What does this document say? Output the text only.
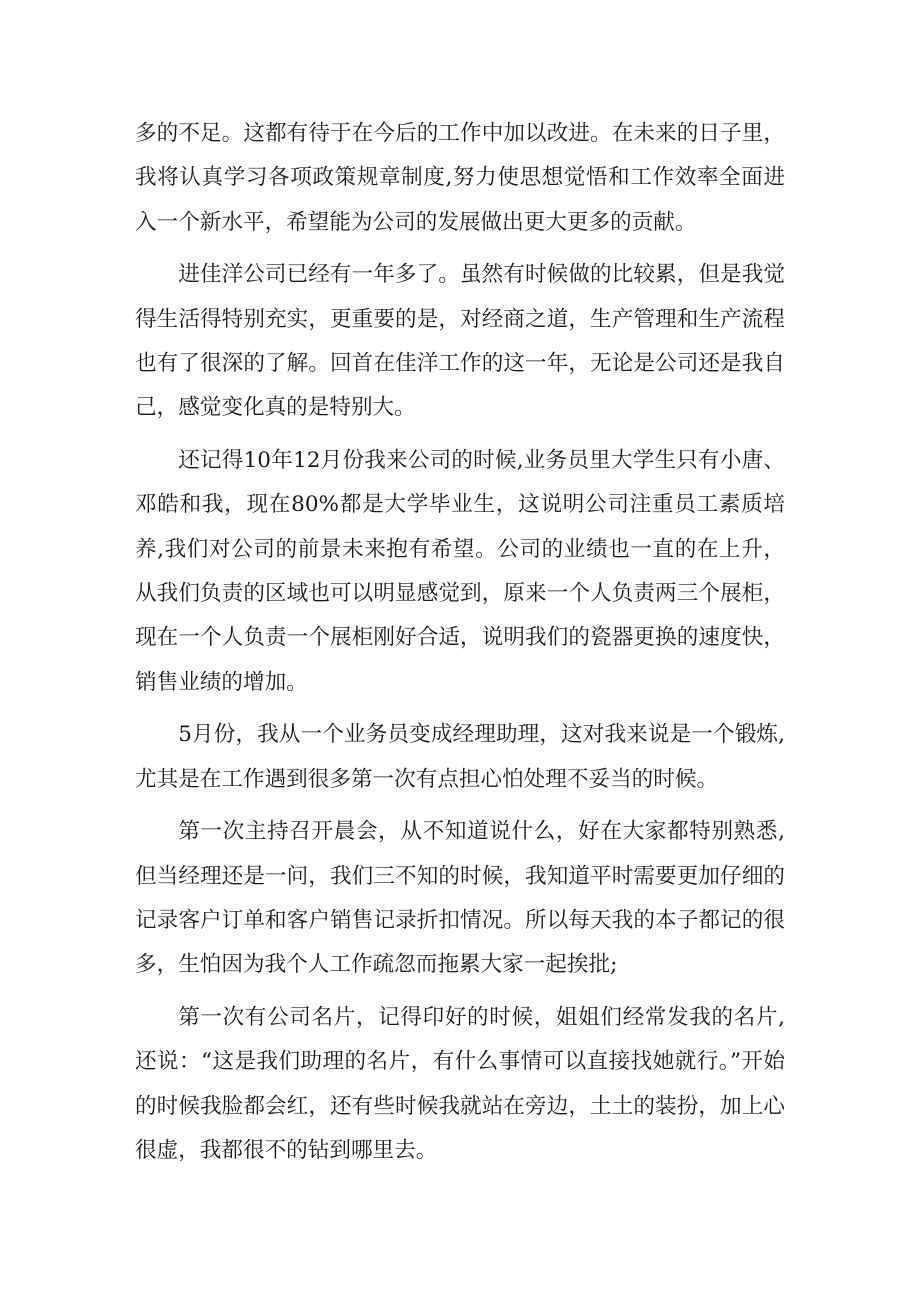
多的不足。这都有待于在今后的工作中加以改进。在未来的日子里，我将认真学习各项政策规章制度,努力使思想觉悟和工作效率全面进入一个新水平，希望能为公司的发展做出更大更多的贡献。

进佳洋公司已经有一年多了。虽然有时候做的比较累，但是我觉得生活得特别充实，更重要的是，对经商之道，生产管理和生产流程也有了很深的了解。回首在佳洋工作的这一年，无论是公司还是我自己，感觉变化真的是特别大。

还记得10年12月份我来公司的时候,业务员里大学生只有小唐、邓皓和我，现在80%都是大学毕业生，这说明公司注重员工素质培养,我们对公司的前景未来抱有希望。公司的业绩也一直的在上升，从我们负责的区域也可以明显感觉到，原来一个人负责两三个展柜，现在一个人负责一个展柜刚好合适，说明我们的瓷器更换的速度快，销售业绩的增加。

5月份，我从一个业务员变成经理助理，这对我来说是一个锻炼,尤其是在工作遇到很多第一次有点担心怕处理不妥当的时候。

第一次主持召开晨会，从不知道说什么，好在大家都特别熟悉,但当经理还是一问，我们三不知的时候，我知道平时需要更加仔细的记录客户订单和客户销售记录折扣情况。所以每天我的本子都记的很多，生怕因为我个人工作疏忽而拖累大家一起挨批;

第一次有公司名片，记得印好的时候，姐姐们经常发我的名片,还说：“这是我们助理的名片，有什么事情可以直接找她就行。”开始的时候我脸都会红，还有些时候我就站在旁边，土土的装扮，加上心很虚，我都很不的钻到哪里去。
